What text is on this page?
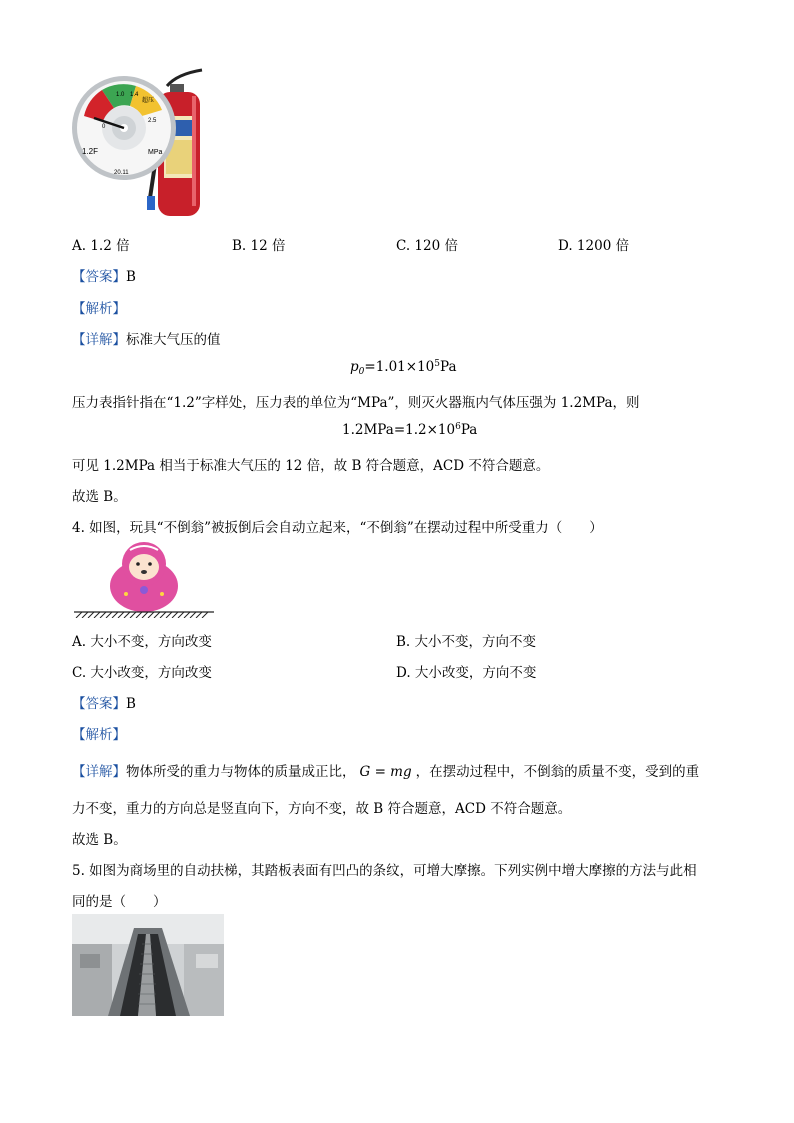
1.2F	MPa
20.11
0
1.0 1.4
2.5
超压
A. 1.2 倍	B. 12 倍	C. 120 倍	D. 1200 倍
【答案】B
【解析】
【详解】标准大气压的值
$p_0=1.01\times 10^5Pa$
压力表指针指在“1.2”字样处，压力表的单位为“MPa”，则灭火器瓶内气体压强为 1.2MPa，则
$1.2MPa=1.2\times 10^6Pa$
可见 1.2MPa 相当于标准大气压的 12 倍，故 B 符合题意，ACD 不符合题意。
故选 B。
4. 如图，玩具“不倒翁”被扳倒后会自动立起来，“不倒翁”在摆动过程中所受重力（　　）
A. 大小不变，方向改变	B. 大小不变，方向不变
C. 大小改变，方向改变	D. 大小改变，方向不变
【答案】B
【解析】
【详解】物体所受的重力与物体的质量成正比， G = mg ，在摆动过程中，不倒翁的质量不变，受到的重
力不变，重力的方向总是竖直向下，方向不变，故 B 符合题意，ACD 不符合题意。
故选 B。
5. 如图为商场里的自动扶梯，其踏板表面有凹凸的条纹，可增大摩擦。下列实例中增大摩擦的方法与此相
同的是（　　）
